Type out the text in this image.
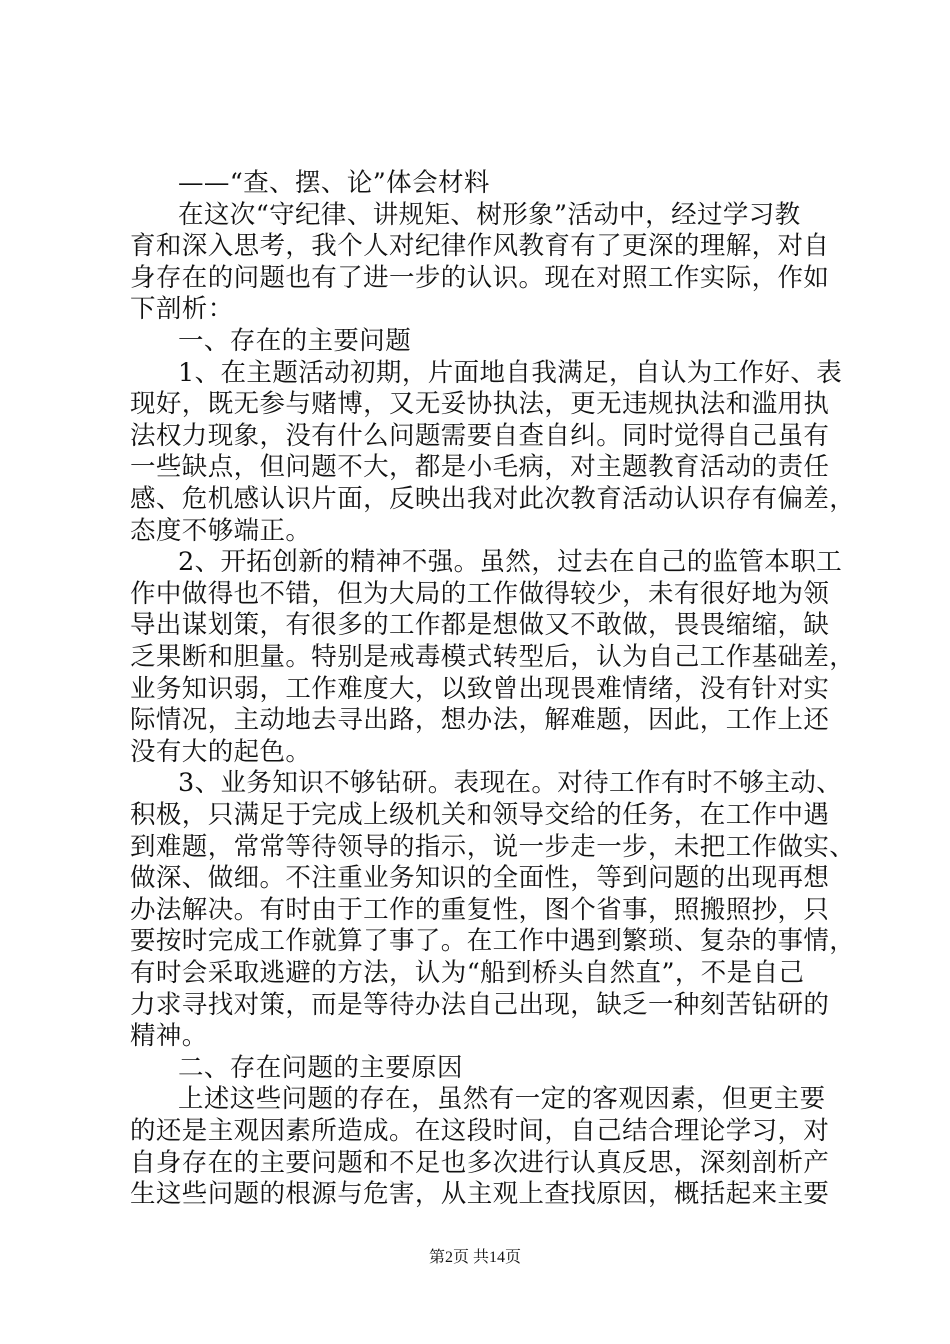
——“查、摆、论”体会材料
在这次“守纪律、讲规矩、树形象”活动中，经过学习教
育和深入思考，我个人对纪律作风教育有了更深的理解，对自
身存在的问题也有了进一步的认识。现在对照工作实际，作如
下剖析：
一、存在的主要问题
1、在主题活动初期，片面地自我满足，自认为工作好、表
现好，既无参与赌博，又无妥协执法，更无违规执法和滥用执
法权力现象，没有什么问题需要自查自纠。同时觉得自己虽有
一些缺点，但问题不大，都是小毛病，对主题教育活动的责任
感、危机感认识片面，反映出我对此次教育活动认识存有偏差，
态度不够端正。
2、开拓创新的精神不强。虽然，过去在自己的监管本职工
作中做得也不错，但为大局的工作做得较少，未有很好地为领
导出谋划策，有很多的工作都是想做又不敢做，畏畏缩缩，缺
乏果断和胆量。特别是戒毒模式转型后，认为自己工作基础差，
业务知识弱，工作难度大，以致曾出现畏难情绪，没有针对实
际情况，主动地去寻出路，想办法，解难题，因此，工作上还
没有大的起色。
3、业务知识不够钻研。表现在。对待工作有时不够主动、
积极，只满足于完成上级机关和领导交给的任务，在工作中遇
到难题，常常等待领导的指示，说一步走一步，未把工作做实、
做深、做细。不注重业务知识的全面性，等到问题的出现再想
办法解决。有时由于工作的重复性，图个省事，照搬照抄，只
要按时完成工作就算了事了。在工作中遇到繁琐、复杂的事情，
有时会采取逃避的方法，认为“船到桥头自然直”，不是自己
力求寻找对策，而是等待办法自己出现，缺乏一种刻苦钻研的
精神。
二、存在问题的主要原因
上述这些问题的存在，虽然有一定的客观因素，但更主要
的还是主观因素所造成。在这段时间，自己结合理论学习，对
自身存在的主要问题和不足也多次进行认真反思，深刻剖析产
生这些问题的根源与危害，从主观上查找原因，概括起来主要
第2页 共14页
